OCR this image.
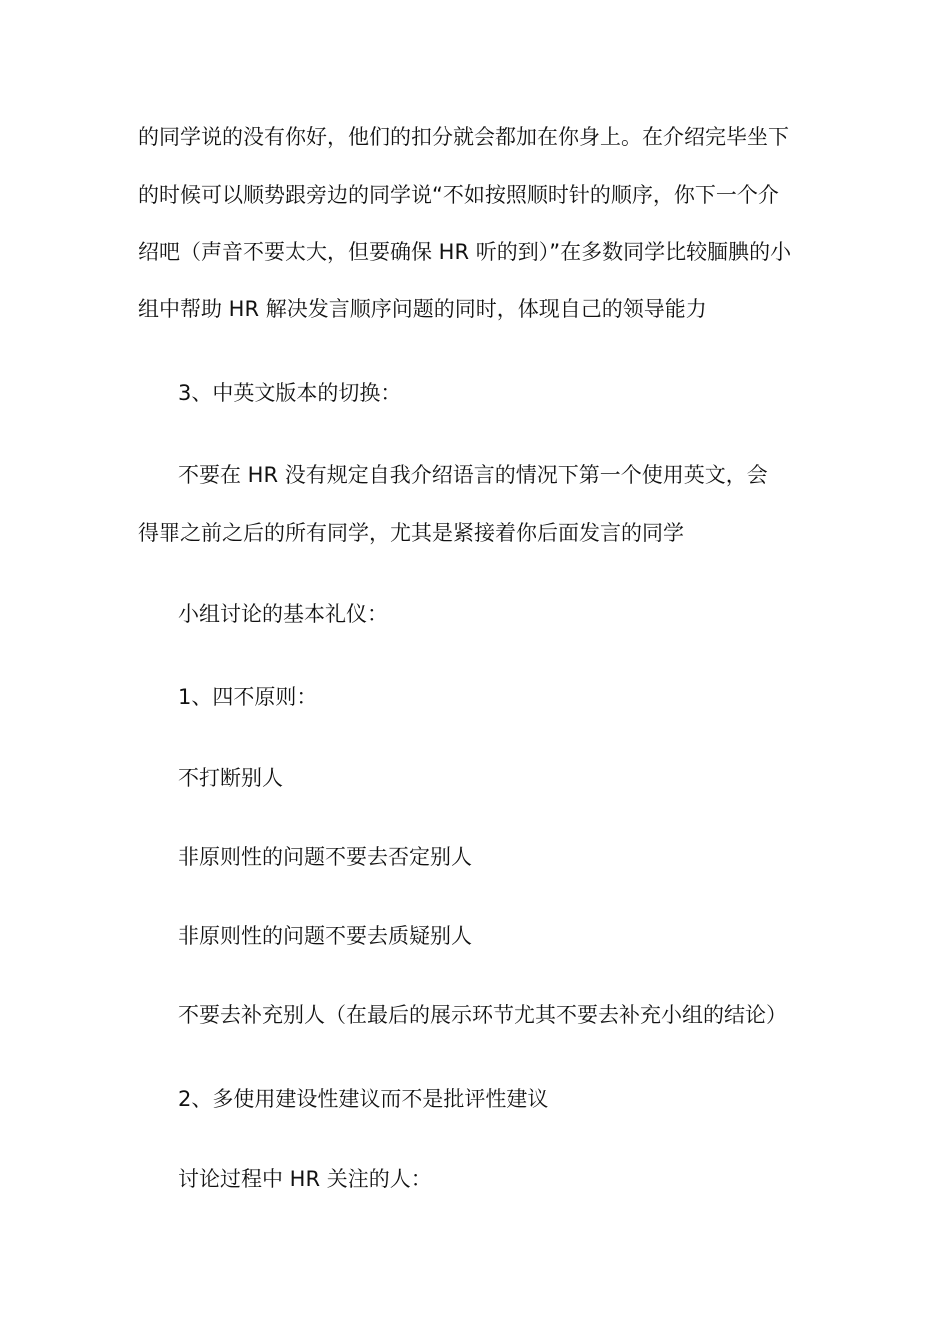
的同学说的没有你好，他们的扣分就会都加在你身上。在介绍完毕坐下
的时候可以顺势跟旁边的同学说“不如按照顺时针的顺序，你下一个介
绍吧（声音不要太大，但要确保 HR 听的到）”在多数同学比较腼腆的小
组中帮助 HR 解决发言顺序问题的同时，体现自己的领导能力
3、中英文版本的切换：
不要在 HR 没有规定自我介绍语言的情况下第一个使用英文，会
得罪之前之后的所有同学，尤其是紧接着你后面发言的同学
小组讨论的基本礼仪：
1、四不原则：
不打断别人
非原则性的问题不要去否定别人
非原则性的问题不要去质疑别人
不要去补充别人（在最后的展示环节尤其不要去补充小组的结论）
2、多使用建设性建议而不是批评性建议
讨论过程中 HR 关注的人：
